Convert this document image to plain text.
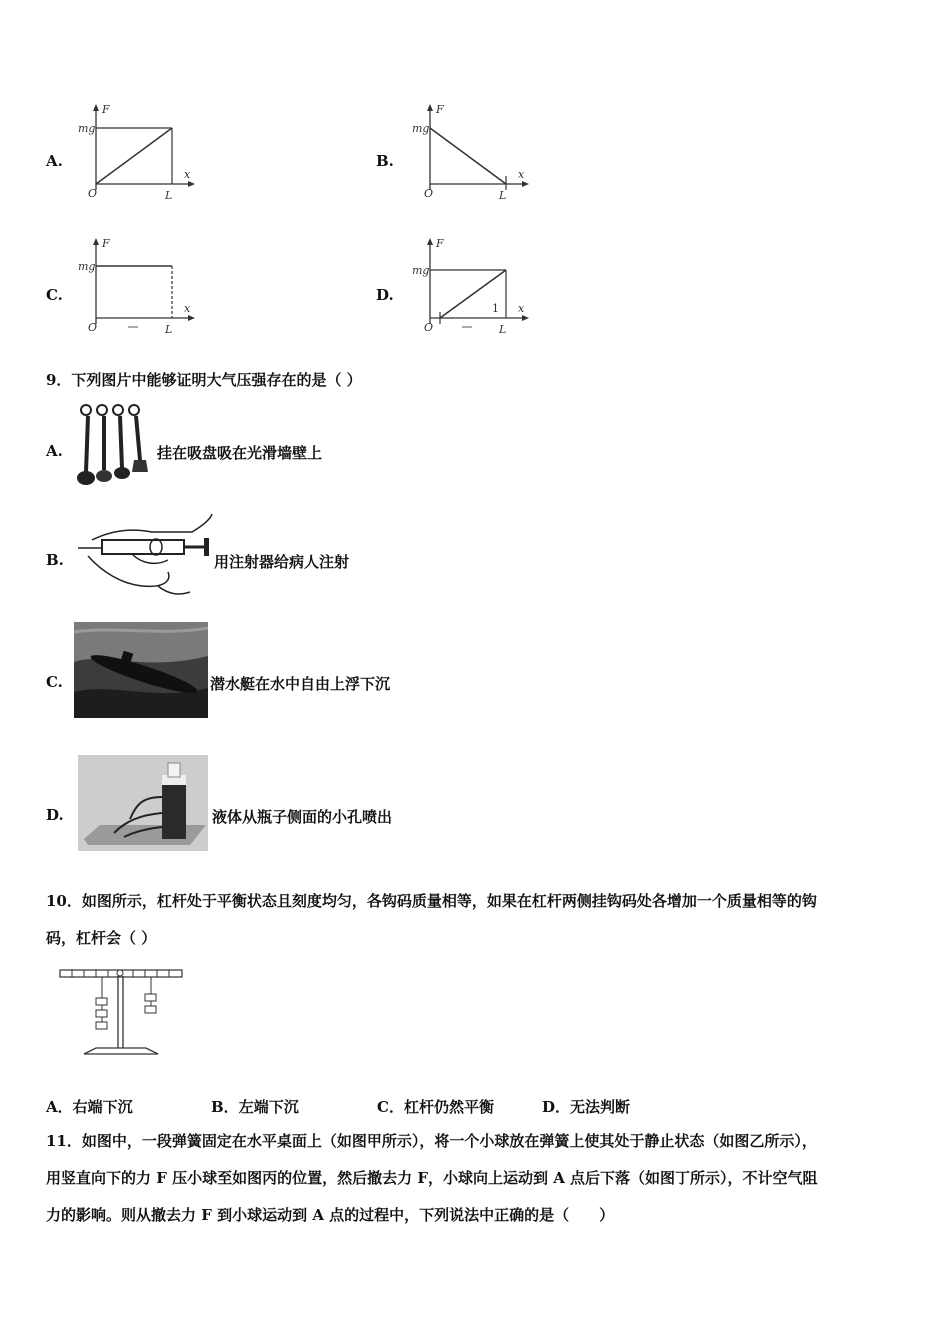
A.
F
mg
O	L
x
B.
F
mg
O	L
x
C.
F
mg
O	L
x
D.
F
mg
O	L
x
1
9．下列图片中能够证明大气压强存在的是（ ）
A.	挂在吸盘吸在光滑墙壁上
B.	用注射器给病人注射
C.	潜水艇在水中自由上浮下沉
D.	液体从瓶子侧面的小孔喷出
10．如图所示，杠杆处于平衡状态且刻度均匀，各钩码质量相等，如果在杠杆两侧挂钩码处各增加一个质量相等的钩
码，杠杆会（ ）
A．右端下沉	B．左端下沉	C．杠杆仍然平衡	D．无法判断
11．如图中，一段弹簧固定在水平桌面上（如图甲所示），将一个小球放在弹簧上使其处于静止状态（如图乙所示），
用竖直向下的力 F 压小球至如图丙的位置，然后撤去力 F，小球向上运动到 A 点后下落（如图丁所示），不计空气阻
力的影响。则从撤去力 F 到小球运动到 A 点的过程中，下列说法中正确的是（　　）
